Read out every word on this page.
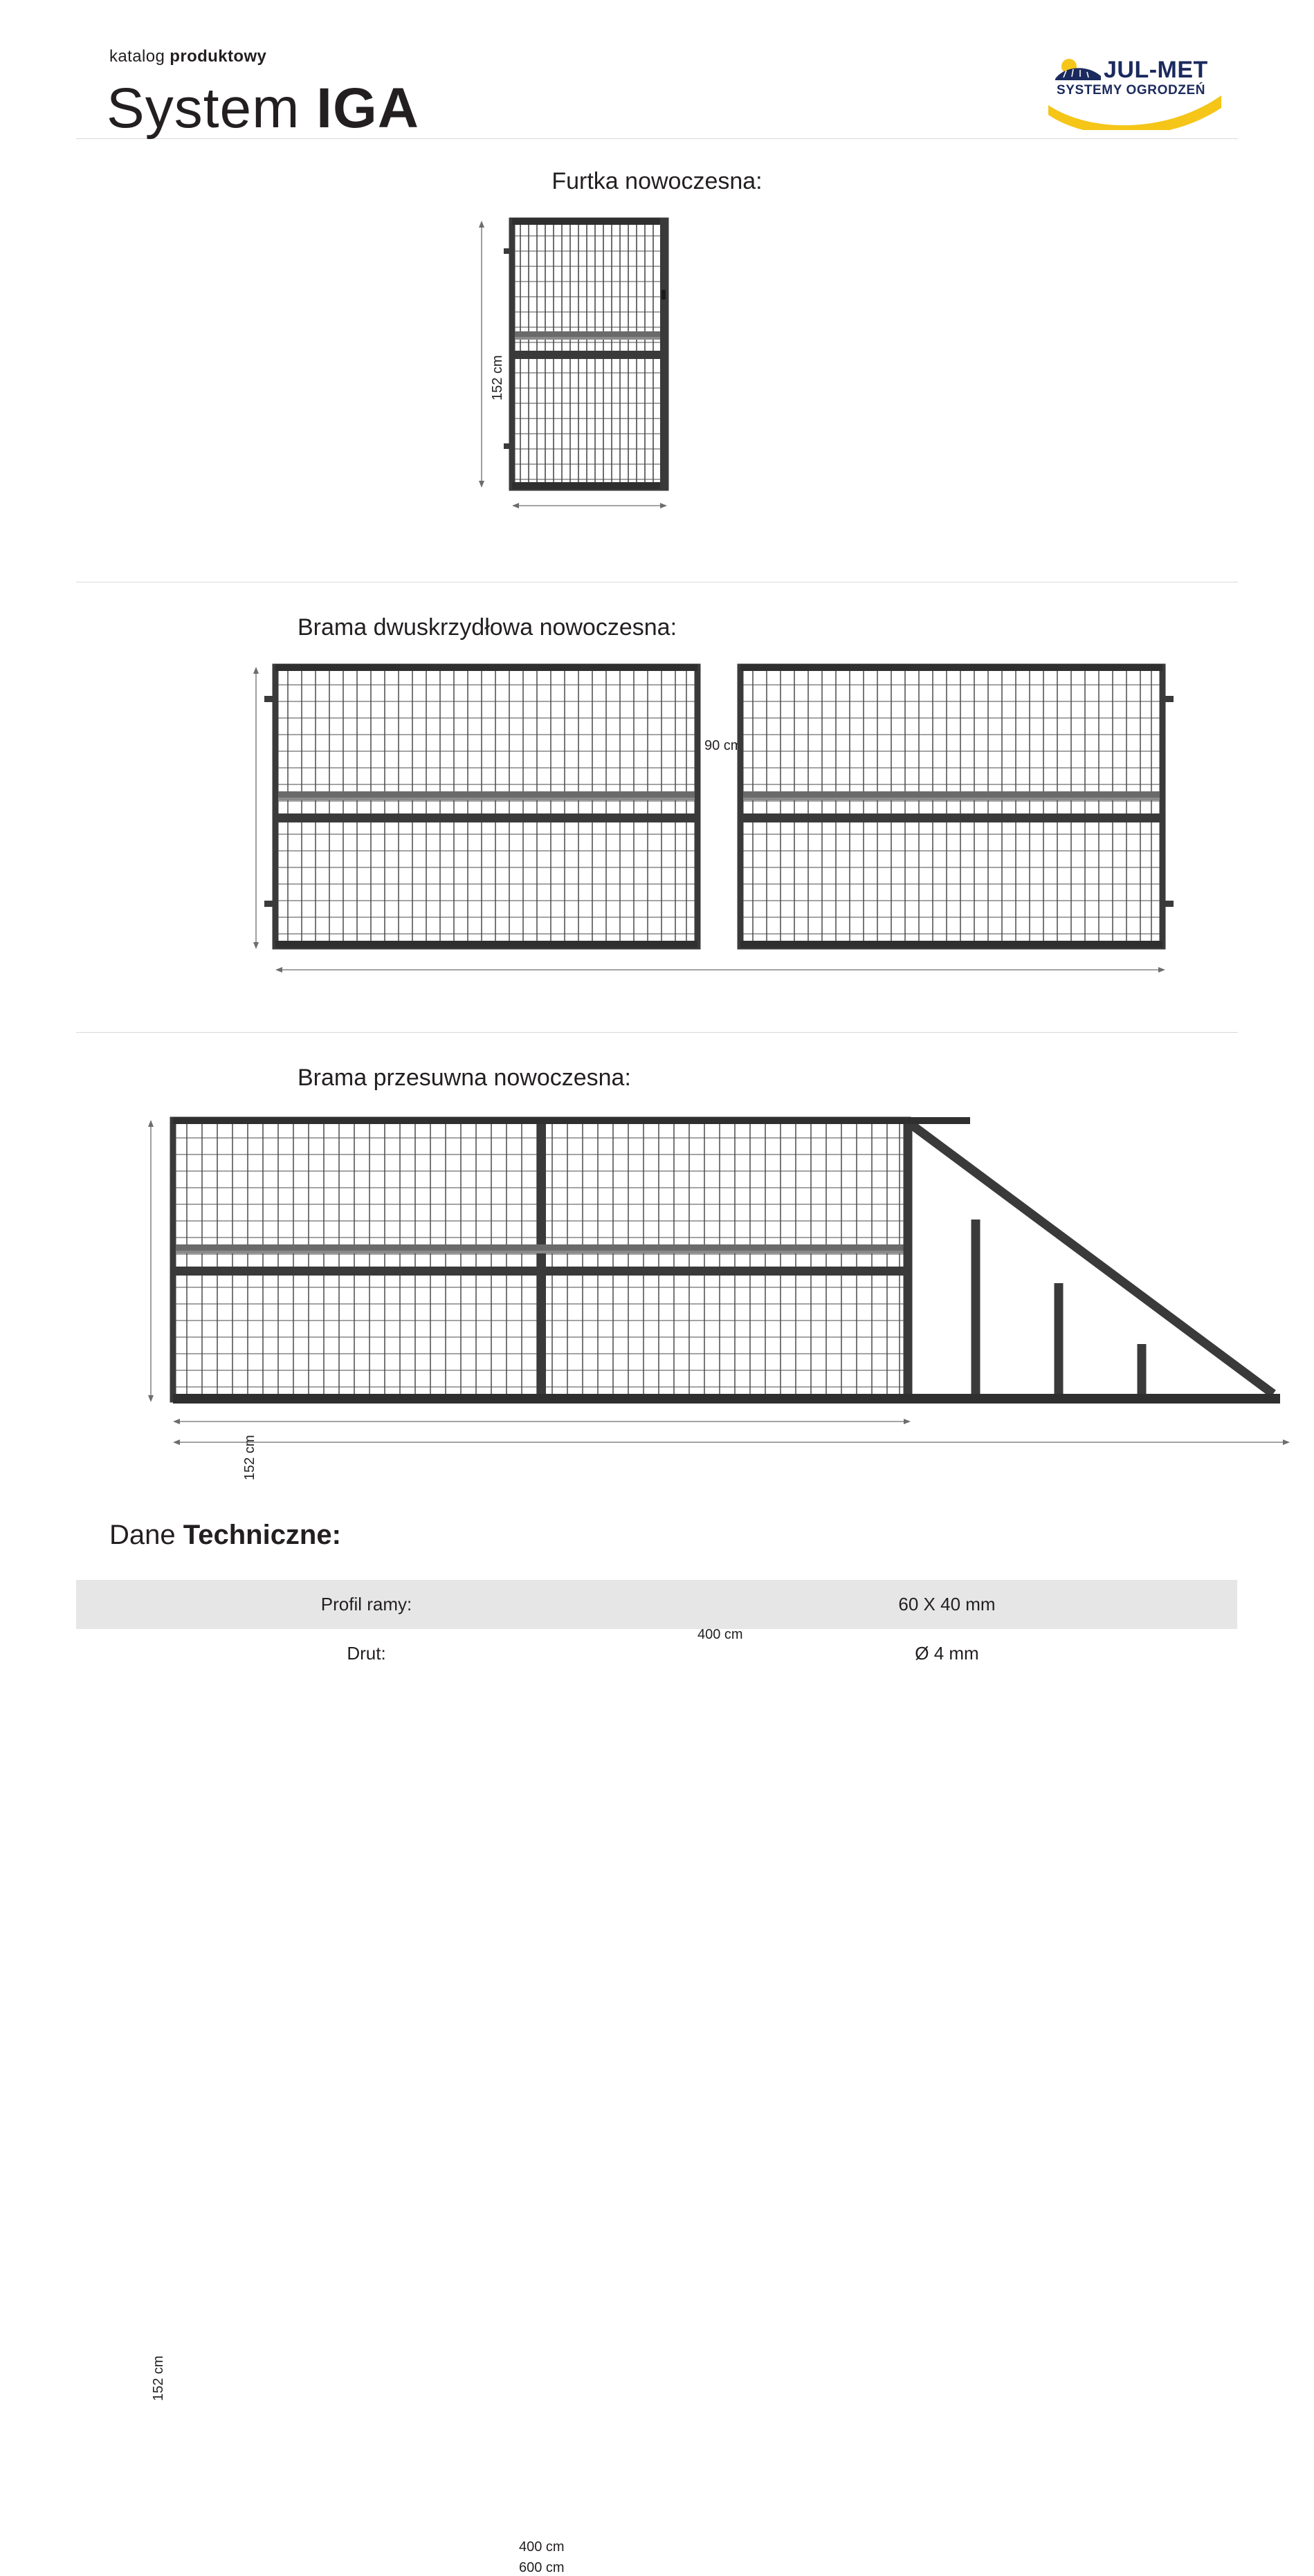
katalog produktowy
System IGA
JUL-MET
SYSTEMY OGRODZEŃ
Furtka nowoczesna:
152 cm
90 cm
Brama dwuskrzydłowa nowoczesna:
152 cm
400 cm
Brama przesuwna nowoczesna:
152 cm
400 cm
600 cm
Dane Techniczne:
Profil ramy:	60 X 40 mm
Drut:	Ø 4 mm
